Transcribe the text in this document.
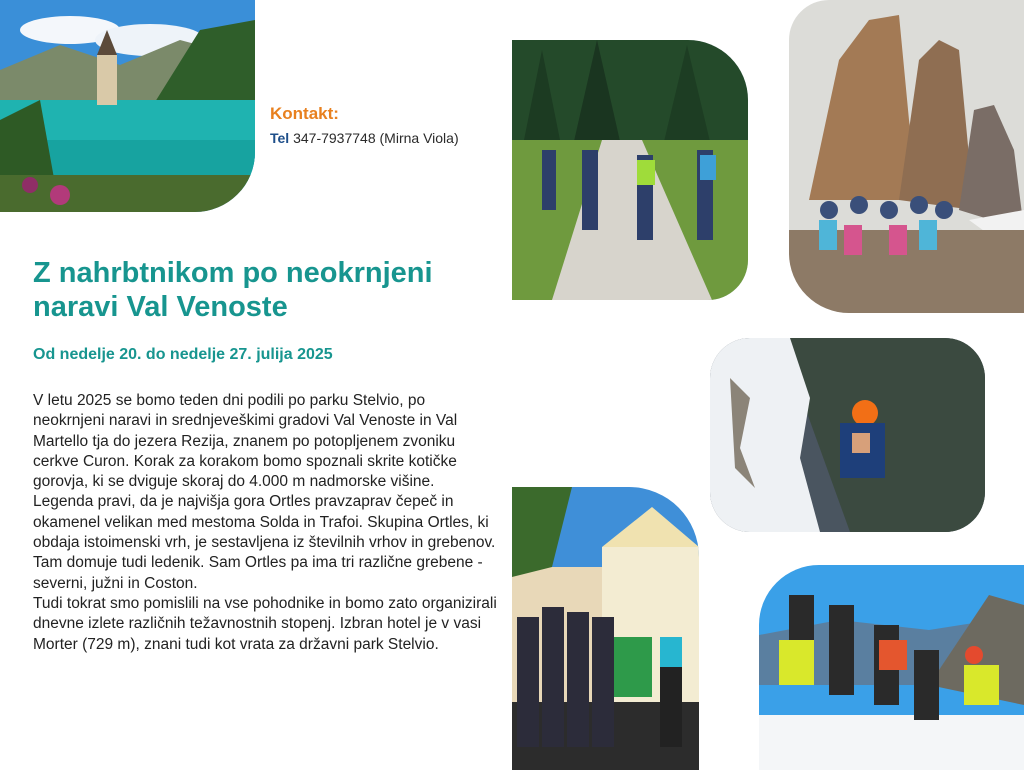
Kontakt:

Tel 347-7937748 (Mirna Viola)
Z nahrbtnikom po neokrnjeni naravi Val Venoste

Od nedelje 20. do nedelje 27. julija 2025

V letu 2025 se bomo teden dni podili po parku Stelvio, po neokrnjeni naravi in srednjeveškimi gradovi Val Venoste in Val Martello tja do jezera Rezija, znanem po potopljenem zvoniku cerkve Curon. Korak za korakom bomo spoznali skrite kotičke gorovja, ki se dviguje skoraj do 4.000 m nadmorske višine.

Legenda pravi, da je najvišja gora Ortles pravzaprav čepeč in okamenel velikan med mestoma Solda in Trafoi. Skupina Ortles, ki obdaja istoimenski vrh, je sestavljena iz številnih vrhov in grebenov. Tam domuje tudi ledenik. Sam Ortles pa ima tri različne grebene - severni, južni in Coston.

Tudi tokrat smo pomislili na vse pohodnike in bomo zato organizirali dnevne izlete različnih težavnostnih stopenj. Izbran hotel je v vasi Morter (729 m), znani tudi kot vrata za državni park Stelvio.
